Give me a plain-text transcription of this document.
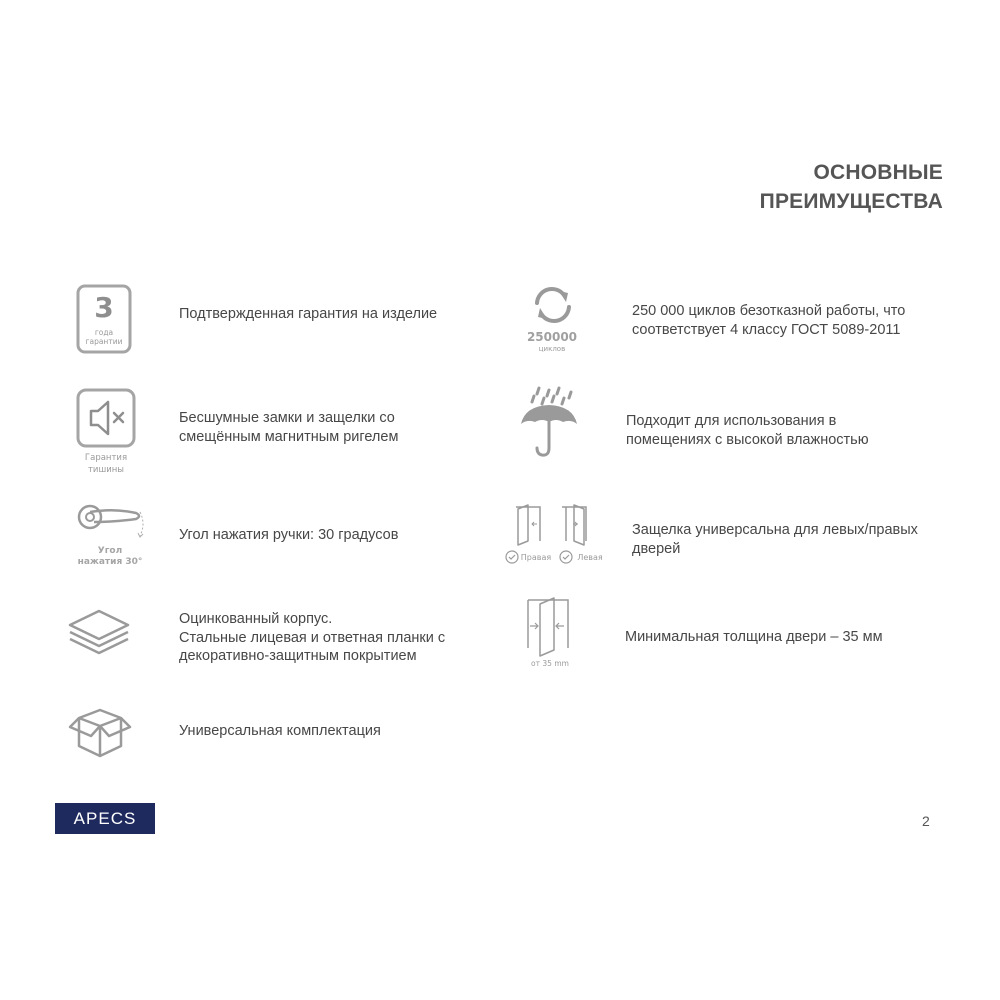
ОСНОВНЫЕ
ПРЕИМУЩЕСТВА
3
года
гарантии
Подтвержденная гарантия на изделие
Гарантия
тишины
Бесшумные замки и защелки со
смещённым магнитным ригелем
Угол
нажатия 30°
Угол нажатия ручки: 30 градусов
Оцинкованный корпус.
Стальные лицевая и ответная планки с
декоративно-защитным покрытием
Универсальная комплектация
250000
циклов
250 000 циклов безотказной работы, что
соответствует 4 классу ГОСТ 5089-2011
Подходит для использования в
помещениях с высокой влажностью
Правая	Левая
Защелка универсальна для левых/правых
дверей
от 35 mm
Минимальная толщина двери – 35 мм
APECS	2
